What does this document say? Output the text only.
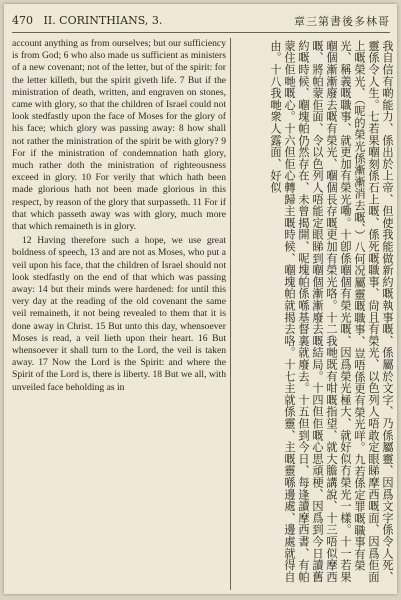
470 II. CORINTHIANS, 3.	章三第書後多林哥

account anything as from ourselves; but our sufficiency is from God; 6 who also made us sufficient as ministers of a new covenant; not of the letter, but of the spirit: for the letter killeth, but the spirit giveth life. 7 But if the ministration of death, written, and engraven on stones, came with glory, so that the children of Israel could not look stedfastly upon the face of Moses for the glory of his face; which glory was passing away: 8 how shall not rather the ministration of the spirit be with glory? 9 For if the ministration of condemnation hath glory, much rather doth the ministration of righteousness exceed in glory. 10 For verily that which hath been made glorious hath not been made glorious in this respect, by reason of the glory that surpasseth. 11 For if that which passeth away was with glory, much more that which remaineth is in glory.

12 Having therefore such a hope, we use great boldness of speech, 13 and are not as Moses, who put a veil upon his face, that the children of Israel should not look stedfastly on the end of that which was passing away: 14 but their minds were hardened: for until this very day at the reading of the old covenant the same veil remaineth, it not being revealed to them that it is done away in Christ. 15 But unto this day, whensoever Moses is read, a veil lieth upon their heart. 16 But whensoever it shall turn to the Lord, the veil is taken away. 17 Now the Lord is the Spirit: and where the Spirit of the Lord is, there is liberty. 18 But we all, with unveiled face beholding as in	我自信有啲能力、係出於上帝、但使我能做新約嘅執事嘅、係屬於文字、乃係屬靈、因爲文字係令人死、靈係令人生。七若果嗰刻係石上嘅、係死嘅職事、尙且有榮光、以色列人唔敢定眼睇摩西嘅面、因爲佢面上嘅榮光、（呢的榮光係漸漸消去嘅、）八何况屬靈嘅職事、豈唔係更有榮光咩。九若係定罪嘅職事有榮光、稱義嘅職事、就更加有榮光嘞。十卽係嗰個有榮光嘅、因爲榮光極大、就好似冇榮光一樣。十一若果嗰個漸漸廢去嘅有榮光、嗰個長存嘅更加有榮光咯。十二我哋既有咁嘅指望、就大膽講說、十三唔似摩西嘅、將帕蒙佢面、令以色列人唔能定眼睇到嗰個漸漸廢去嘅結局。十四但佢嘅心思頑梗、因爲到今日讀舊約嘅時候、嗰塊帕仍然存在、未曾揭開、呢塊帕係喺基督裏就廢去。十五但到今日、每逢讀摩西書、有帕蒙住佢哋嘅心。十六但佢心轉歸主嘅時候、嗰塊帕就揭去咯。十七主就係靈、主嘅靈喺邊處、邊處就得自由。十八我哋衆人露面、好似
